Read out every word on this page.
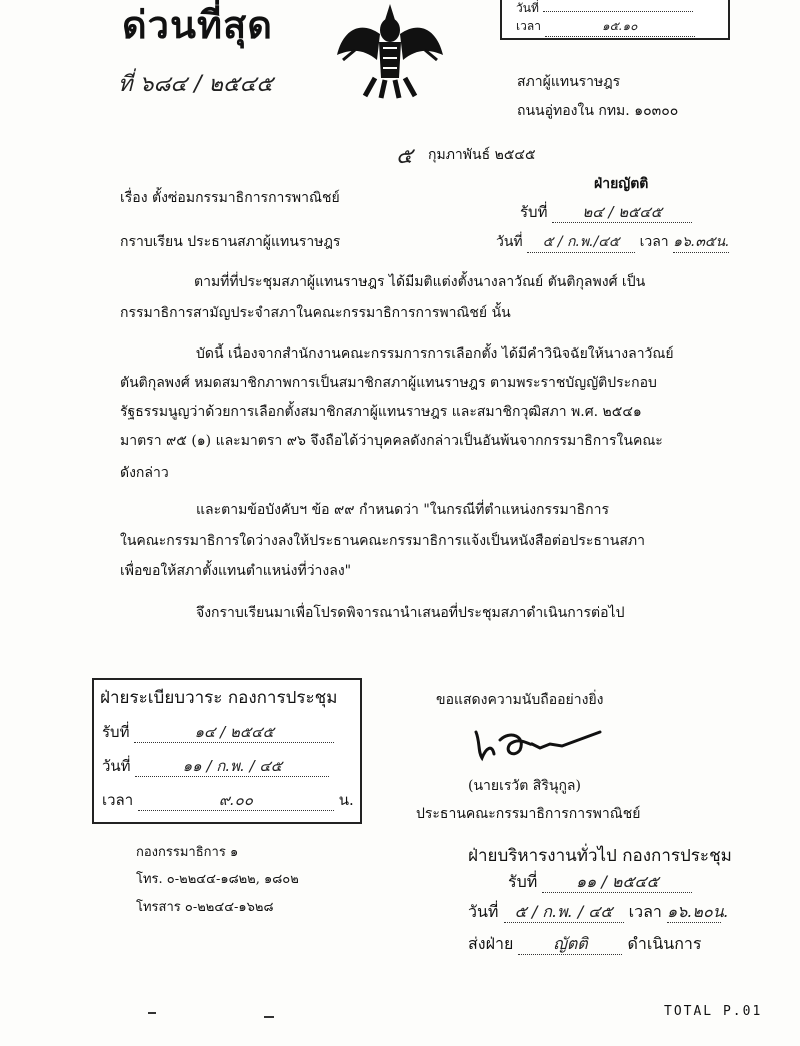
ด่วนที่สุด
ที่ ๖๘๔ / ๒๕๔๕
วันที่
เวลา	๑๕.๑๐
สภาผู้แทนราษฎร
ถนนอู่ทองใน กทม. ๑๐๓๐๐
๕ กุมภาพันธ์ ๒๕๔๕
ฝ่ายญัตติ
รับที่ ๒๔ / ๒๕๔๕
วันที่ ๕ / ก.พ./๔๕ เวลา ๑๖.๓๕น.
เรื่อง ตั้งซ่อมกรรมาธิการการพาณิชย์
กราบเรียน ประธานสภาผู้แทนราษฎร
ตามที่ที่ประชุมสภาผู้แทนราษฎร ได้มีมติแต่งตั้งนางลาวัณย์ ตันติกุลพงศ์ เป็น
กรรมาธิการสามัญประจำสภาในคณะกรรมาธิการการพาณิชย์ นั้น
บัดนี้ เนื่องจากสำนักงานคณะกรรมการการเลือกตั้ง ได้มีคำวินิจฉัยให้นางลาวัณย์
ตันติกุลพงศ์ หมดสมาชิกภาพการเป็นสมาชิกสภาผู้แทนราษฎร ตามพระราชบัญญัติประกอบ
รัฐธรรมนูญว่าด้วยการเลือกตั้งสมาชิกสภาผู้แทนราษฎร และสมาชิกวุฒิสภา พ.ศ. ๒๕๔๑
มาตรา ๙๕ (๑) และมาตรา ๙๖ จึงถือได้ว่าบุคคลดังกล่าวเป็นอันพ้นจากกรรมาธิการในคณะ
ดังกล่าว
และตามข้อบังคับฯ ข้อ ๙๙ กำหนดว่า "ในกรณีที่ตำแหน่งกรรมาธิการ
ในคณะกรรมาธิการใดว่างลงให้ประธานคณะกรรมาธิการแจ้งเป็นหนังสือต่อประธานสภา
เพื่อขอให้สภาตั้งแทนตำแหน่งที่ว่างลง"
จึงกราบเรียนมาเพื่อโปรดพิจารณานำเสนอที่ประชุมสภาดำเนินการต่อไป
ฝ่ายระเบียบวาระ กองการประชุม
รับที่	๑๔ / ๒๕๔๕
วันที่	๑๑ / ก.พ. / ๔๕
เวลา	๙.๐๐	น.
ขอแสดงความนับถืออย่างยิ่ง
(นายเรวัต สิรินุกูล)
ประธานคณะกรรมาธิการการพาณิชย์
กองกรรมาธิการ ๑
โทร. ๐-๒๒๔๔-๑๘๒๒, ๑๘๐๒
โทรสาร ๐-๒๒๔๔-๑๖๒๘
ฝ่ายบริหารงานทั่วไป กองการประชุม
รับที่ ๑๑ / ๒๕๔๕
วันที่ ๕ / ก.พ. / ๔๕ เวลา ๑๖.๒๐น.
ส่งฝ่าย ญัตติ ดำเนินการ
TOTAL P.01
